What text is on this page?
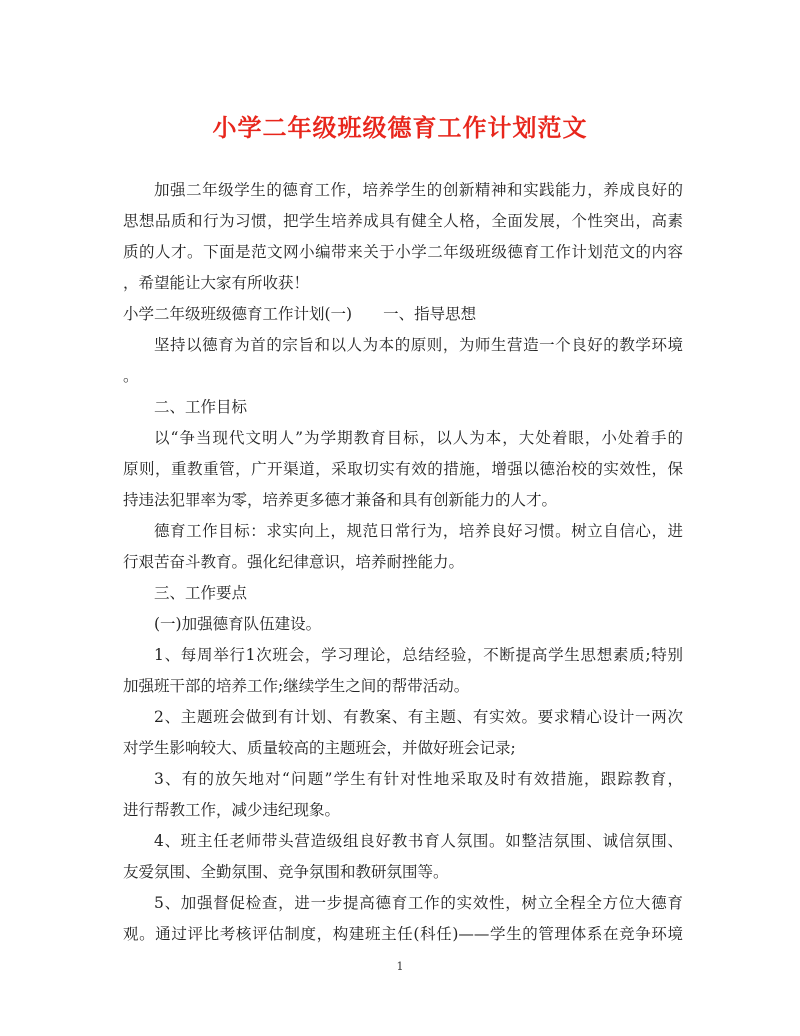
小学二年级班级德育工作计划范文
加强二年级学生的德育工作，培养学生的创新精神和实践能力，养成良好的
思想品质和行为习惯，把学生培养成具有健全人格，全面发展，个性突出，高素
质的人才。下面是范文网小编带来关于小学二年级班级德育工作计划范文的内容
，希望能让大家有所收获！
小学二年级班级德育工作计划(一)　　一、指导思想
坚持以德育为首的宗旨和以人为本的原则，为师生营造一个良好的教学环境
。
二、工作目标
以“争当现代文明人”为学期教育目标，以人为本，大处着眼，小处着手的
原则，重教重管，广开渠道，采取切实有效的措施，增强以德治校的实效性，保
持违法犯罪率为零，培养更多德才兼备和具有创新能力的人才。
德育工作目标：求实向上，规范日常行为，培养良好习惯。树立自信心，进
行艰苦奋斗教育。强化纪律意识，培养耐挫能力。
三、工作要点
(一)加强德育队伍建设。
1、每周举行1次班会，学习理论，总结经验，不断提高学生思想素质;特别
加强班干部的培养工作;继续学生之间的帮带活动。
2、主题班会做到有计划、有教案、有主题、有实效。要求精心设计一两次
对学生影响较大、质量较高的主题班会，并做好班会记录;
3、有的放矢地对“问题”学生有针对性地采取及时有效措施，跟踪教育，
进行帮教工作，减少违纪现象。
4、班主任老师带头营造级组良好教书育人氛围。如整洁氛围、诚信氛围、
友爱氛围、全勤氛围、竞争氛围和教研氛围等。
5、加强督促检查，进一步提高德育工作的实效性，树立全程全方位大德育
观。通过评比考核评估制度，构建班主任(科任)——学生的管理体系在竞争环境
1
